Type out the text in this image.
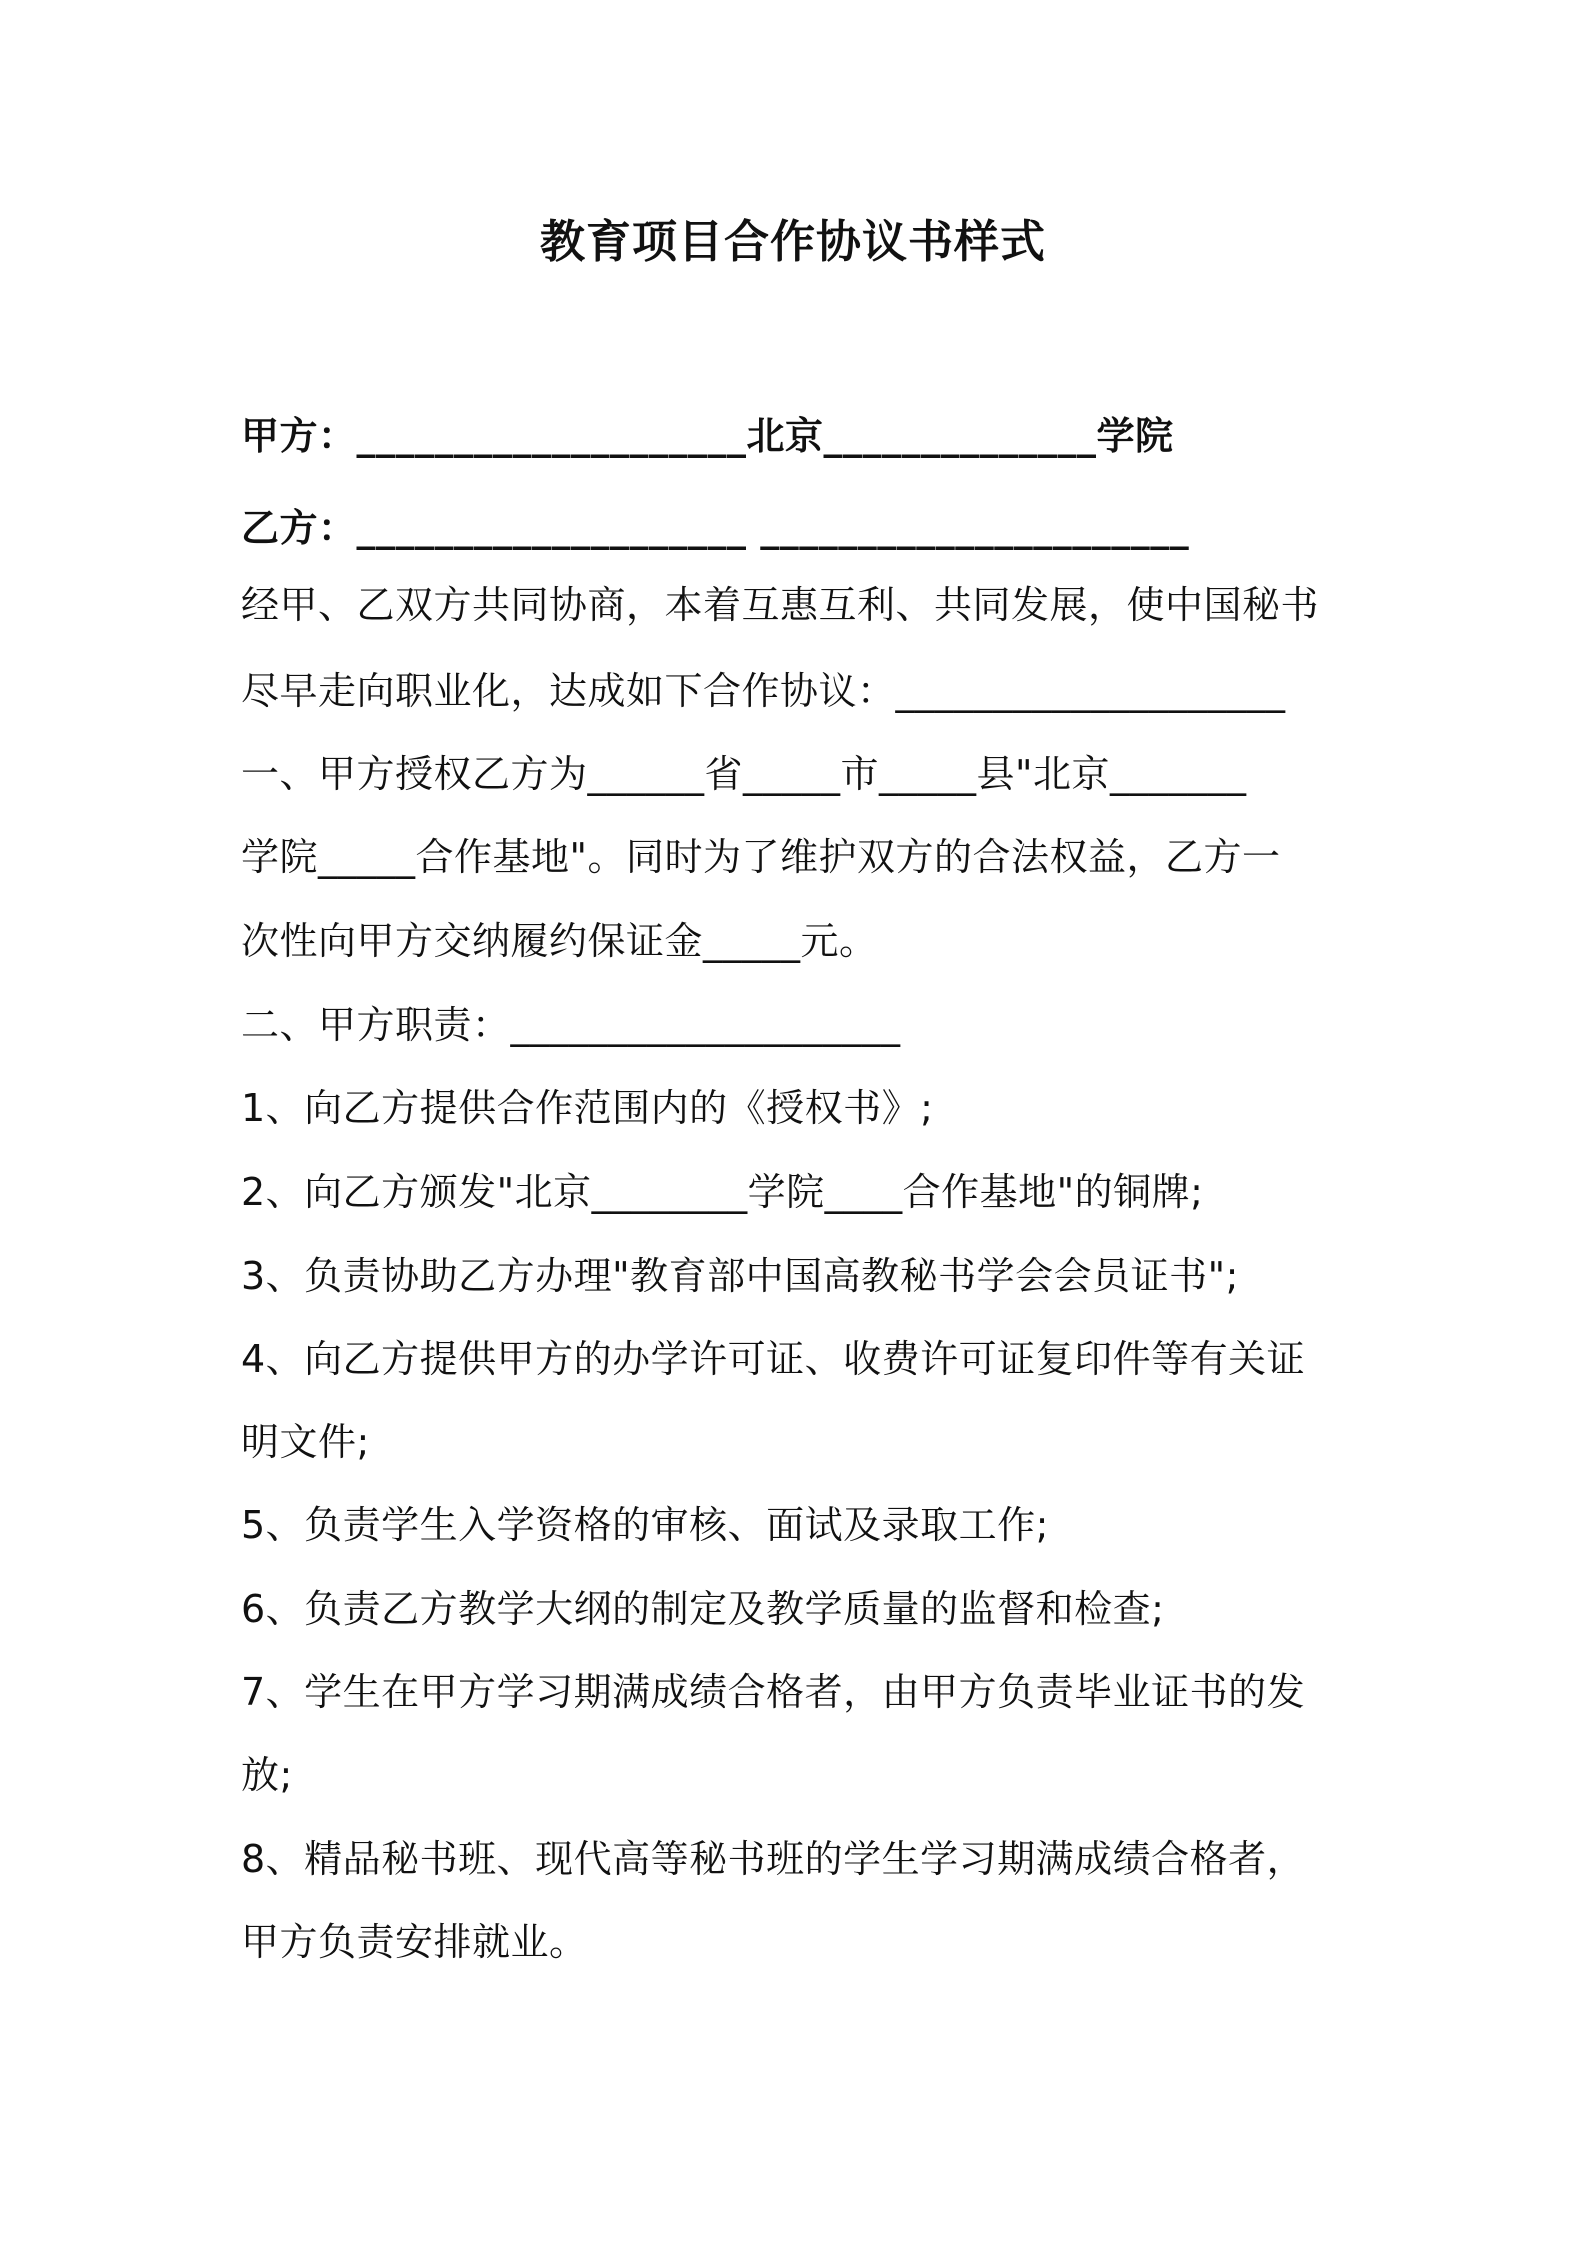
教育项目合作协议书样式
甲方：____________________北京______________学院
乙方：____________________ ______________________
经甲、乙双方共同协商，本着互惠互利、共同发展，使中国秘书
尽早走向职业化，达成如下合作协议：____________________
一、甲方授权乙方为______省_____市_____县"北京_______
学院_____合作基地"。同时为了维护双方的合法权益，乙方一
次性向甲方交纳履约保证金_____元。
二、甲方职责：____________________
1、向乙方提供合作范围内的《授权书》;
2、向乙方颁发"北京________学院____合作基地"的铜牌;
3、负责协助乙方办理"教育部中国高教秘书学会会员证书";
4、向乙方提供甲方的办学许可证、收费许可证复印件等有关证
明文件;
5、负责学生入学资格的审核、面试及录取工作;
6、负责乙方教学大纲的制定及教学质量的监督和检查;
7、学生在甲方学习期满成绩合格者，由甲方负责毕业证书的发
放;
8、精品秘书班、现代高等秘书班的学生学习期满成绩合格者，
甲方负责安排就业。
